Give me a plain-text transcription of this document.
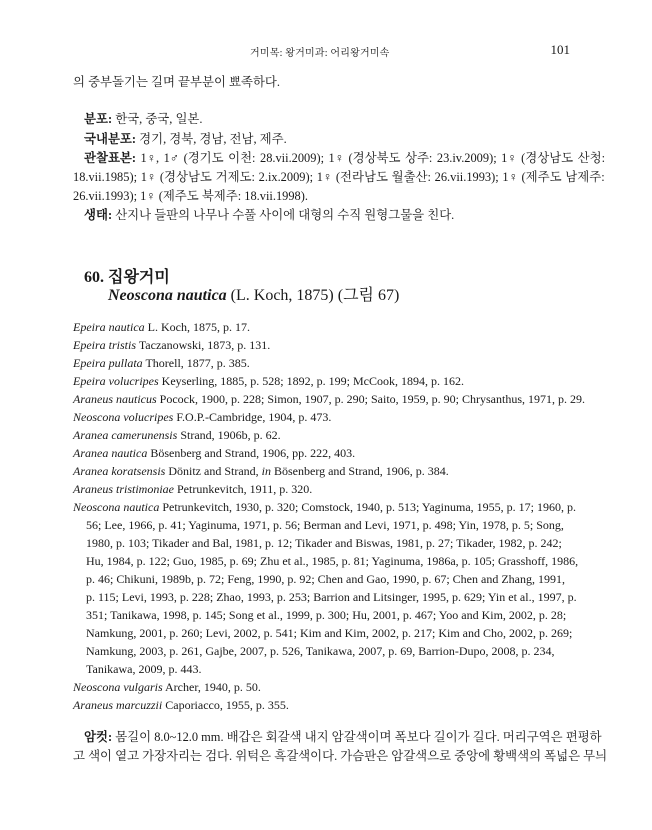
거미목: 왕거미과: 어리왕거미속	101
의 중부돌기는 길며 끝부분이 뾰족하다.
분포: 한국, 중국, 일본.
국내분포: 경기, 경북, 경남, 전남, 제주.
관찰표본: 1♀, 1♂ (경기도 이천: 28.vii.2009); 1♀ (경상북도 상주: 23.iv.2009); 1♀ (경상남도 산청:
18.vii.1985); 1♀ (경상남도 거제도: 2.ix.2009); 1♀ (전라남도 월출산: 26.vii.1993); 1♀ (제주도 남제주:
26.vii.1993); 1♀ (제주도 북제주: 18.vii.1998).
생태: 산지나 들판의 나무나 수풀 사이에 대형의 수직 원형그물을 친다.
60. 집왕거미
Neoscona nautica (L. Koch, 1875) (그림 67)
Epeira nautica L. Koch, 1875, p. 17.
Epeira tristis Taczanowski, 1873, p. 131.
Epeira pullata Thorell, 1877, p. 385.
Epeira volucripes Keyserling, 1885, p. 528; 1892, p. 199; McCook, 1894, p. 162.
Araneus nauticus Pocock, 1900, p. 228; Simon, 1907, p. 290; Saito, 1959, p. 90; Chrysanthus, 1971, p. 29.
Neoscona volucripes F.O.P.-Cambridge, 1904, p. 473.
Aranea camerunensis Strand, 1906b, p. 62.
Aranea nautica Bösenberg and Strand, 1906, pp. 222, 403.
Aranea koratsensis Dönitz and Strand, in Bösenberg and Strand, 1906, p. 384.
Araneus tristimoniae Petrunkevitch, 1911, p. 320.
Neoscona nautica Petrunkevitch, 1930, p. 320; Comstock, 1940, p. 513; Yaginuma, 1955, p. 17; 1960, p.
56; Lee, 1966, p. 41; Yaginuma, 1971, p. 56; Berman and Levi, 1971, p. 498; Yin, 1978, p. 5; Song,
1980, p. 103; Tikader and Bal, 1981, p. 12; Tikader and Biswas, 1981, p. 27; Tikader, 1982, p. 242;
Hu, 1984, p. 122; Guo, 1985, p. 69; Zhu et al., 1985, p. 81; Yaginuma, 1986a, p. 105; Grasshoff, 1986,
p. 46; Chikuni, 1989b, p. 72; Feng, 1990, p. 92; Chen and Gao, 1990, p. 67; Chen and Zhang, 1991,
p. 115; Levi, 1993, p. 228; Zhao, 1993, p. 253; Barrion and Litsinger, 1995, p. 629; Yin et al., 1997, p.
351; Tanikawa, 1998, p. 145; Song et al., 1999, p. 300; Hu, 2001, p. 467; Yoo and Kim, 2002, p. 28;
Namkung, 2001, p. 260; Levi, 2002, p. 541; Kim and Kim, 2002, p. 217; Kim and Cho, 2002, p. 269;
Namkung, 2003, p. 261, Gajbe, 2007, p. 526, Tanikawa, 2007, p. 69, Barrion-Dupo, 2008, p. 234,
Tanikawa, 2009, p. 443.
Neoscona vulgaris Archer, 1940, p. 50.
Araneus marcuzzii Caporiacco, 1955, p. 355.
암컷: 몸길이 8.0~12.0 mm. 배갑은 회갈색 내지 암갈색이며 폭보다 길이가 길다. 머리구역은 편평하
고 색이 옅고 가장자리는 검다. 위턱은 흑갈색이다. 가슴판은 암갈색으로 중앙에 황백색의 폭넓은 무늬
